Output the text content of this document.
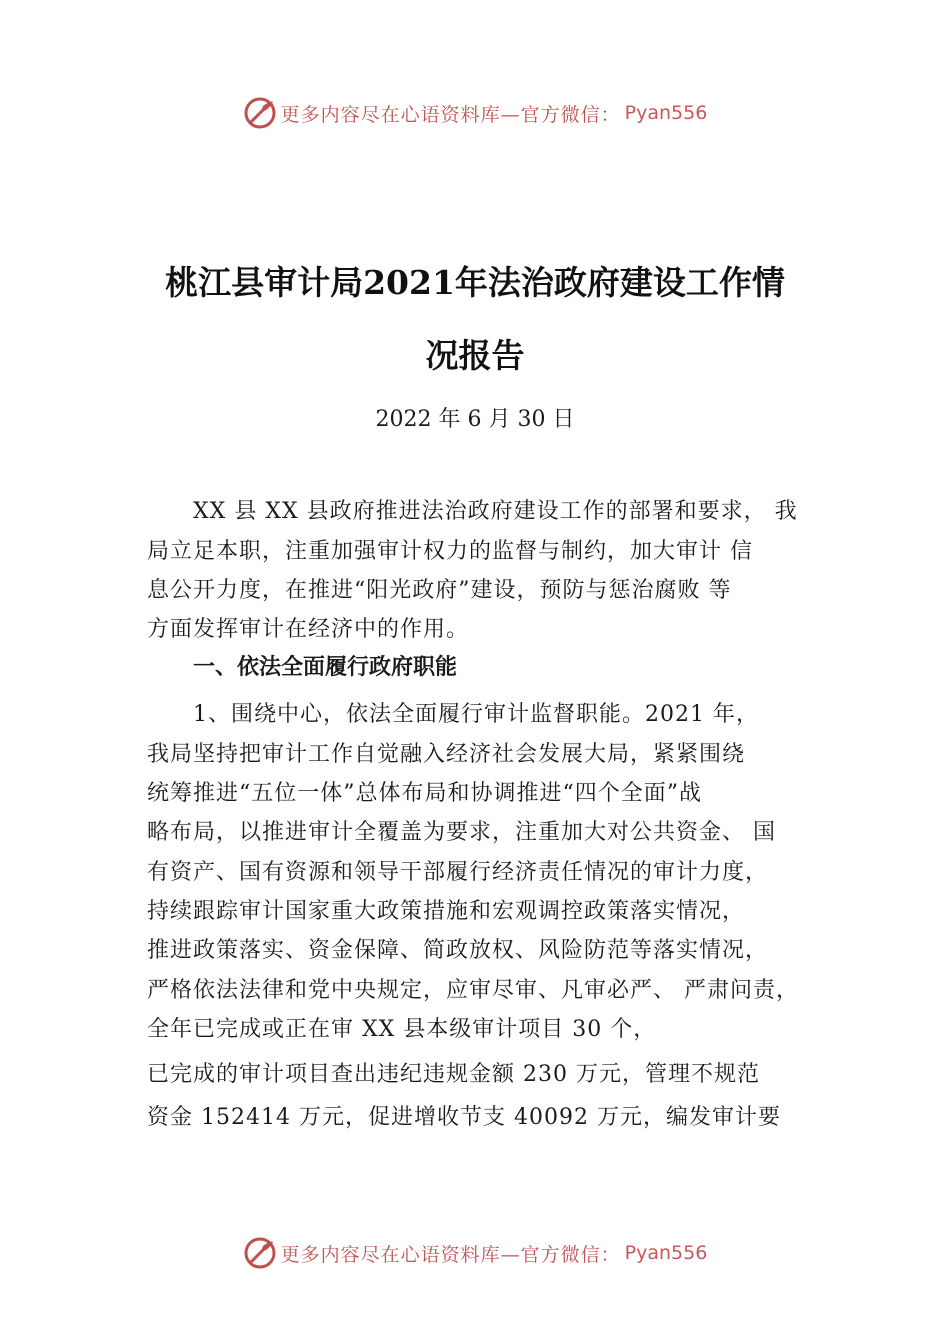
更多内容尽在心语资料库—官方微信： Pyan556
桃江县审计局2021年法治政府建设工作情
况报告
2022 年 6 月 30 日
XX 县 XX 县政府推进法治政府建设工作的部署和要求， 我
局立足本职，注重加强审计权力的监督与制约，加大审计 信
息公开力度，在推进“阳光政府”建设，预防与惩治腐败 等
方面发挥审计在经济中的作用。
一、依法全面履行政府职能
1、围绕中心，依法全面履行审计监督职能。2021 年，
我局坚持把审计工作自觉融入经济社会发展大局，紧紧围绕
统筹推进“五位一体”总体布局和协调推进“四个全面”战
略布局，以推进审计全覆盖为要求，注重加大对公共资金、 国
有资产、国有资源和领导干部履行经济责任情况的审计力度，
持续跟踪审计国家重大政策措施和宏观调控政策落实情况，
推进政策落实、资金保障、简政放权、风险防范等落实情况，
严格依法法律和党中央规定，应审尽审、凡审必严、 严肃问责，
全年已完成或正在审 XX 县本级审计项目 30 个，
已完成的审计项目查出违纪违规金额 230 万元，管理不规范
资金 152414 万元，促进增收节支 40092 万元，编发审计要
更多内容尽在心语资料库—官方微信： Pyan556
